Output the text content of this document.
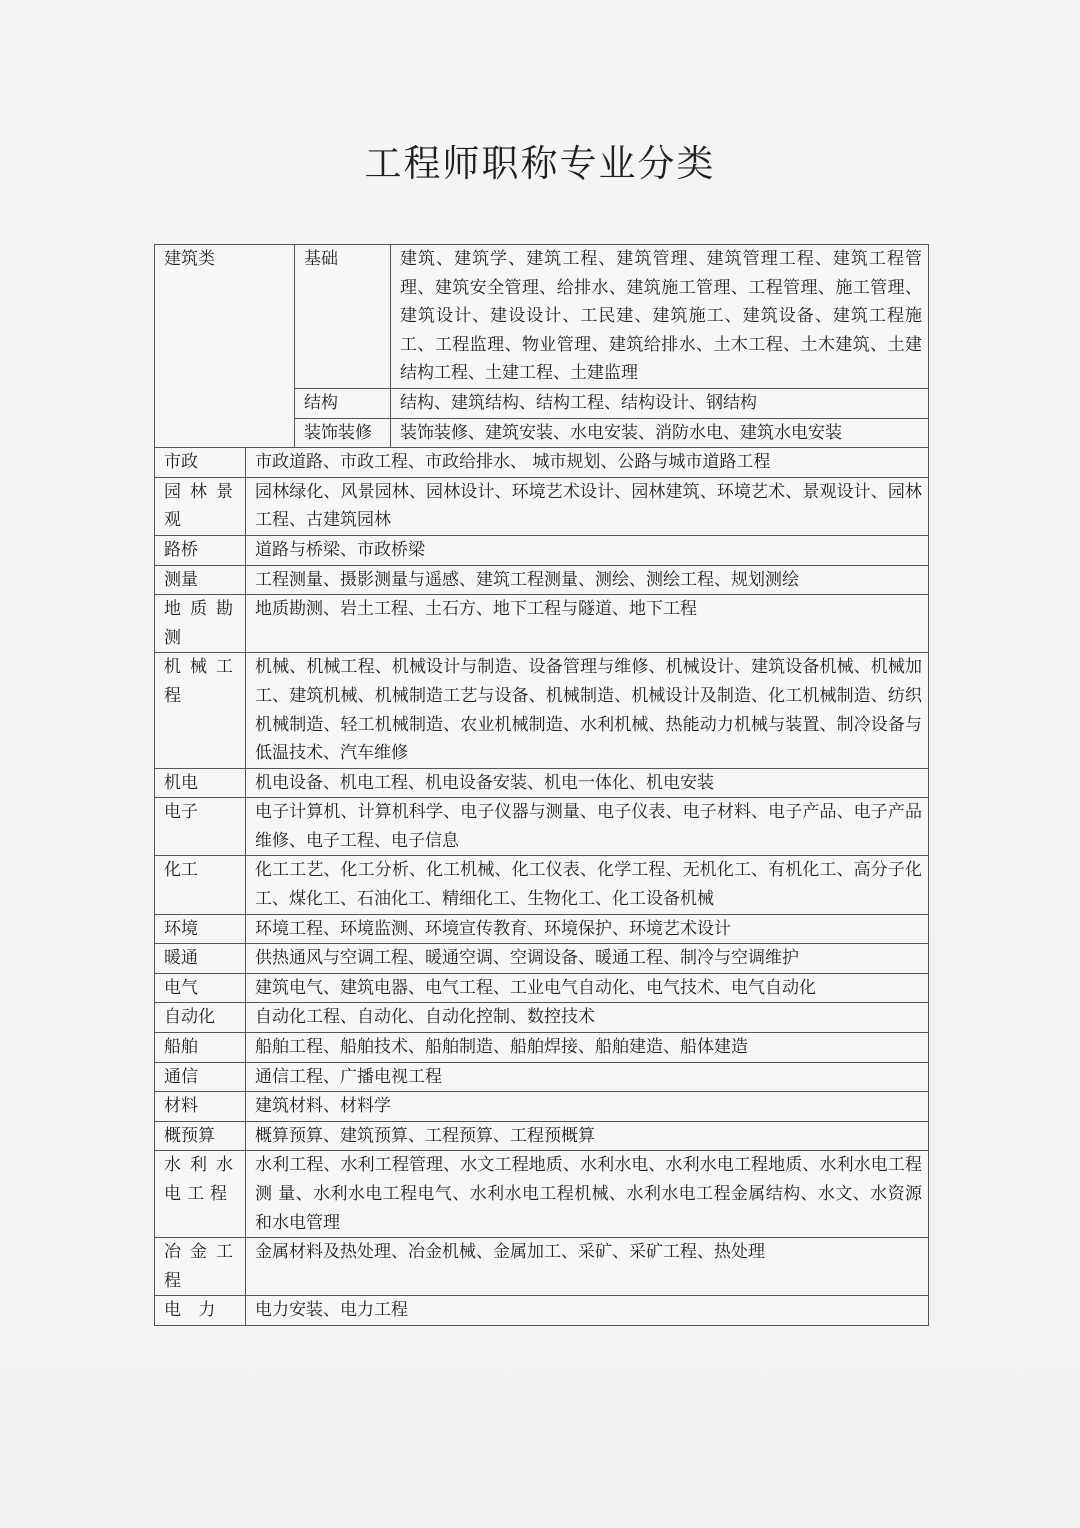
工程师职称专业分类
建筑类		基础	建筑、建筑学、建筑工程、建筑管理、建筑管理工程、建筑工程管理、建筑安全管理、给排水、建筑施工管理、工程管理、施工管理、建筑设计、建设设计、工民建、建筑施工、建筑设备、建筑工程施工、工程监理、物业管理、建筑给排水、土木工程、土木建筑、土建结构工程、土建工程、土建监理
		结构	结构、建筑结构、结构工程、结构设计、钢结构
		装饰装修	装饰装修、建筑安装、水电安装、消防水电、建筑水电安装
市政	市政道路、市政工程、市政给排水、 城市规划、公路与城市道路工程		
园林景观	园林绿化、风景园林、园林设计、环境艺术设计、园林建筑、环境艺术、景观设计、园林工程、古建筑园林		
路桥	道路与桥梁、市政桥梁		
测量	工程测量、摄影测量与遥感、建筑工程测量、测绘、测绘工程、规划测绘		
地质勘测	地质勘测、岩土工程、土石方、地下工程与隧道、地下工程		
机械工程	机械、机械工程、机械设计与制造、设备管理与维修、机械设计、建筑设备机械、机械加工、建筑机械、机械制造工艺与设备、机械制造、机械设计及制造、化工机械制造、纺织机械制造、轻工机械制造、农业机械制造、水利机械、热能动力机械与装置、制冷设备与低温技术、汽车维修		
机电	机电设备、机电工程、机电设备安装、机电一体化、机电安装		
电子	电子计算机、计算机科学、电子仪器与测量、电子仪表、电子材料、电子产品、电子产品维修、电子工程、电子信息		
化工	化工工艺、化工分析、化工机械、化工仪表、化学工程、无机化工、有机化工、高分子化工、煤化工、石油化工、精细化工、生物化工、化工设备机械		
环境	环境工程、环境监测、环境宣传教育、环境保护、环境艺术设计		
暖通	供热通风与空调工程、暖通空调、空调设备、暖通工程、制冷与空调维护		
电气	建筑电气、建筑电器、电气工程、工业电气自动化、电气技术、电气自动化		
自动化	自动化工程、自动化、自动化控制、数控技术		
船舶	船舶工程、船舶技术、船舶制造、船舶焊接、船舶建造、船体建造		
通信	通信工程、广播电视工程		
材料	建筑材料、材料学		
概预算	概算预算、建筑预算、工程预算、工程预概算		
水利水电工程	水利工程、水利工程管理、水文工程地质、水利水电、水利水电工程地质、水利水电工程测 量、水利水电工程电气、水利水电工程机械、水利水电工程金属结构、水文、水资源和水电管理		
冶金工程	金属材料及热处理、冶金机械、金属加工、采矿、采矿工程、热处理		
电 力	电力安装、电力工程		
